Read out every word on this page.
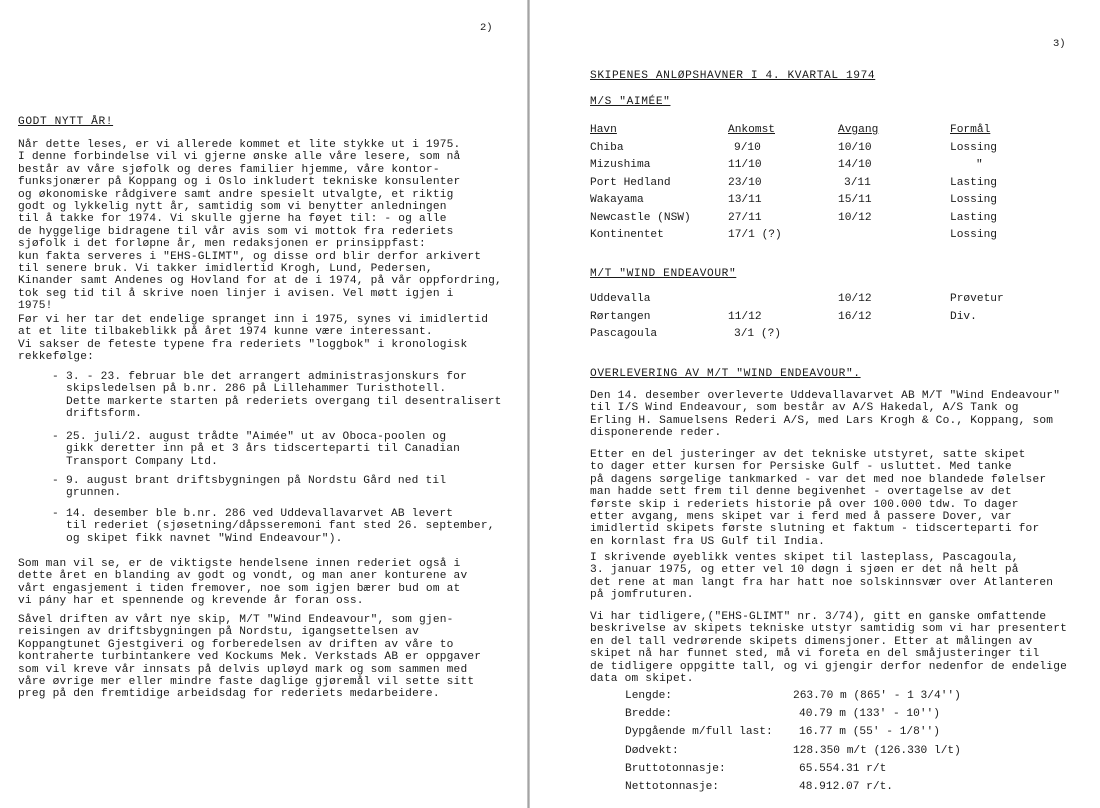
2)
GODT NYTT ÅR!

Når dette leses, er vi allerede kommet et lite stykke ut i 1975.
I denne forbindelse vil vi gjerne ønske alle våre lesere, som nå
består av våre sjøfolk og deres familier hjemme, våre kontor-
funksjonærer på Koppang og i Oslo inkludert tekniske konsulenter
og økonomiske rådgivere samt andre spesielt utvalgte, et riktig
godt og lykkelig nytt år, samtidig som vi benytter anledningen
til å takke for 1974. Vi skulle gjerne ha føyet til: - og alle
de hyggelige bidragene til vår avis som vi mottok fra rederiets
sjøfolk i det forløpne år, men redaksjonen er prinsippfast:
kun fakta serveres i "EHS-GLIMT", og disse ord blir derfor arkivert
til senere bruk. Vi takker imidlertid Krogh, Lund, Pedersen,
Kinander samt Andenes og Hovland for at de i 1974, på vår oppfordring,
tok seg tid til å skrive noen linjer i avisen. Vel møtt igjen i
1975!

Før vi her tar det endelige spranget inn i 1975, synes vi imidlertid
at et lite tilbakeblikk på året 1974 kunne være interessant.
Vi sakser de feteste typene fra rederiets "loggbok" i kronologisk
rekkefølge:

- 3. - 23. februar ble det arrangert administrasjonskurs for
skipsledelsen på b.nr. 286 på Lillehammer Turisthotell.
Dette markerte starten på rederiets overgang til desentralisert
driftsform.

- 25. juli/2. august trådte "Aimée" ut av Oboca-poolen og
gikk deretter inn på et 3 års tidscerteparti til Canadian
Transport Company Ltd.

- 9. august brant driftsbygningen på Nordstu Gård ned til
grunnen.

- 14. desember ble b.nr. 286 ved Uddevallavarvet AB levert
til rederiet (sjøsetning/dåpsseremoni fant sted 26. september,
og skipet fikk navnet "Wind Endeavour").

Som man vil se, er de viktigste hendelsene innen rederiet også i
dette året en blanding av godt og vondt, og man aner konturene av
vårt engasjement i tiden fremover, noe som igjen bærer bud om at
vi pány har et spennende og krevende år foran oss.

Såvel driften av vårt nye skip, M/T "Wind Endeavour", som gjen-
reisingen av driftsbygningen på Nordstu, igangsettelsen av
Koppangtunet Gjestgiveri og forberedelsen av driften av våre to
kontraherte turbintankere ved Kockums Mek. Verkstads AB er oppgaver
som vil kreve vår innsats på delvis upløyd mark og som sammen med
våre øvrige mer eller mindre faste daglige gjøremål vil sette sitt
preg på den fremtidige arbeidsdag for rederiets medarbeidere.

3)
SKIPENES ANLØPSHAVNER I 4. KVARTAL 1974
M/S "AIMÉE"
Havn	Ankomst	Avgang	Formål
Chiba	9/10	10/10	Lossing
Mizushima	11/10	14/10	"
Port Hedland	23/10	3/11	Lasting
Wakayama	13/11	15/11	Lossing
Newcastle (NSW)	27/11	10/12	Lasting
Kontinentet	17/1 (?)		Lossing
M/T "WIND ENDEAVOUR"
Uddevalla		10/12	Prøvetur
Rørtangen	11/12	16/12	Div.
Pascagoula	3/1 (?)		
OVERLEVERING AV M/T "WIND ENDEAVOUR".

Den 14. desember overleverte Uddevallavarvet AB M/T "Wind Endeavour"
til I/S Wind Endeavour, som består av A/S Hakedal, A/S Tank og
Erling H. Samuelsens Rederi A/S, med Lars Krogh & Co., Koppang, som
disponerende reder.

Etter en del justeringer av det tekniske utstyret, satte skipet
to dager etter kursen for Persiske Gulf - usluttet. Med tanke
på dagens sørgelige tankmarked - var det med noe blandede følelser
man hadde sett frem til denne begivenhet - overtagelse av det
første skip i rederiets historie på over 100.000 tdw. To dager
etter avgang, mens skipet var i ferd med å passere Dover, var
imidlertid skipets første slutning et faktum - tidscerteparti for
en kornlast fra US Gulf til India.

I skrivende øyeblikk ventes skipet til lasteplass, Pascagoula,
3. januar 1975, og etter vel 10 døgn i sjøen er det nå helt på
det rene at man langt fra har hatt noe solskinnsvær over Atlanteren
på jomfruturen.

Vi har tidligere,("EHS-GLIMT" nr. 3/74), gitt en ganske omfattende
beskrivelse av skipets tekniske utstyr samtidig som vi har presentert
en del tall vedrørende skipets dimensjoner. Etter at målingen av
skipet nå har funnet sted, må vi foreta en del småjusteringer til
de tidligere oppgitte tall, og vi gjengir derfor nedenfor de endelige
data om skipet.

Lengde:	263.70 m (865' - 1 3/4'')
Bredde:	40.79 m (133' - 10'')
Dypgående m/full last:	16.77 m (55' - 1/8'')
Dødvekt:	128.350 m/t (126.330 l/t)
Bruttotonnasje:	65.554.31 r/t
Nettotonnasje:	48.912.07 r/t.
